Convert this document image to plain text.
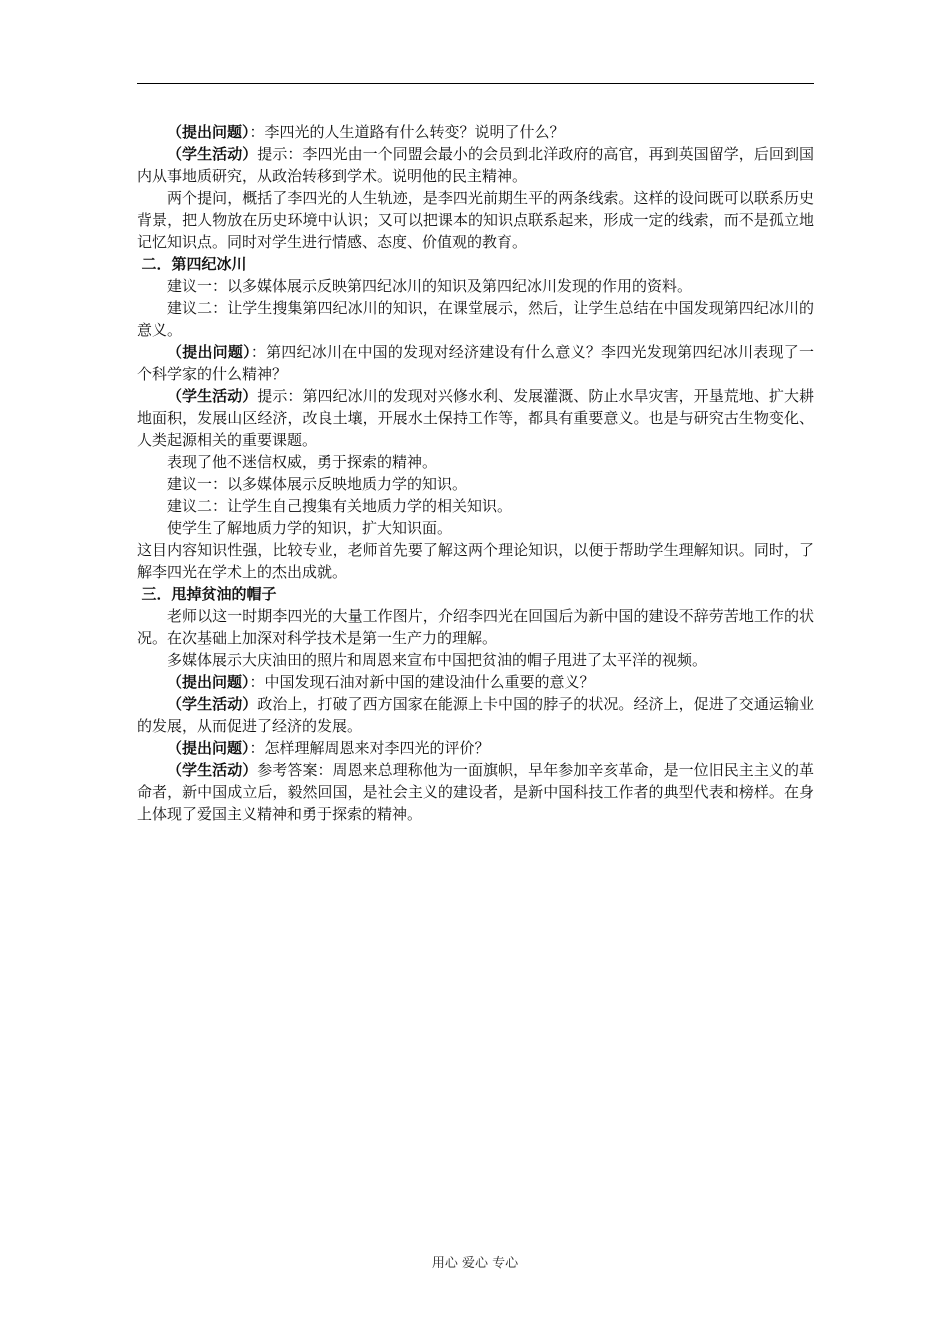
（提出问题）：李四光的人生道路有什么转变？说明了什么？

（学生活动）提示：李四光由一个同盟会最小的会员到北洋政府的高官，再到英国留学，后回到国内从事地质研究，从政治转移到学术。说明他的民主精神。

两个提问，概括了李四光的人生轨迹，是李四光前期生平的两条线索。这样的设问既可以联系历史背景，把人物放在历史环境中认识；又可以把课本的知识点联系起来，形成一定的线索，而不是孤立地记忆知识点。同时对学生进行情感、态度、价值观的教育。

二．第四纪冰川

建议一：以多媒体展示反映第四纪冰川的知识及第四纪冰川发现的作用的资料。

建议二：让学生搜集第四纪冰川的知识，在课堂展示，然后，让学生总结在中国发现第四纪冰川的意义。

（提出问题）：第四纪冰川在中国的发现对经济建设有什么意义？李四光发现第四纪冰川表现了一个科学家的什么精神？

（学生活动）提示：第四纪冰川的发现对兴修水利、发展灌溉、防止水旱灾害，开垦荒地、扩大耕地面积，发展山区经济，改良土壤，开展水土保持工作等，都具有重要意义。也是与研究古生物变化、人类起源相关的重要课题。

表现了他不迷信权威，勇于探索的精神。

建议一：以多媒体展示反映地质力学的知识。

建议二：让学生自己搜集有关地质力学的相关知识。

使学生了解地质力学的知识，扩大知识面。

这目内容知识性强，比较专业，老师首先要了解这两个理论知识，以便于帮助学生理解知识。同时，了解李四光在学术上的杰出成就。

三．甩掉贫油的帽子

老师以这一时期李四光的大量工作图片，介绍李四光在回国后为新中国的建设不辞劳苦地工作的状况。在次基础上加深对科学技术是第一生产力的理解。

多媒体展示大庆油田的照片和周恩来宣布中国把贫油的帽子甩进了太平洋的视频。

（提出问题）：中国发现石油对新中国的建设油什么重要的意义？

（学生活动）政治上，打破了西方国家在能源上卡中国的脖子的状况。经济上，促进了交通运输业的发展，从而促进了经济的发展。

（提出问题）：怎样理解周恩来对李四光的评价？

（学生活动）参考答案：周恩来总理称他为一面旗帜，早年参加辛亥革命，是一位旧民主主义的革命者，新中国成立后，毅然回国，是社会主义的建设者，是新中国科技工作者的典型代表和榜样。在身上体现了爱国主义精神和勇于探索的精神。

用心 爱心 专心
